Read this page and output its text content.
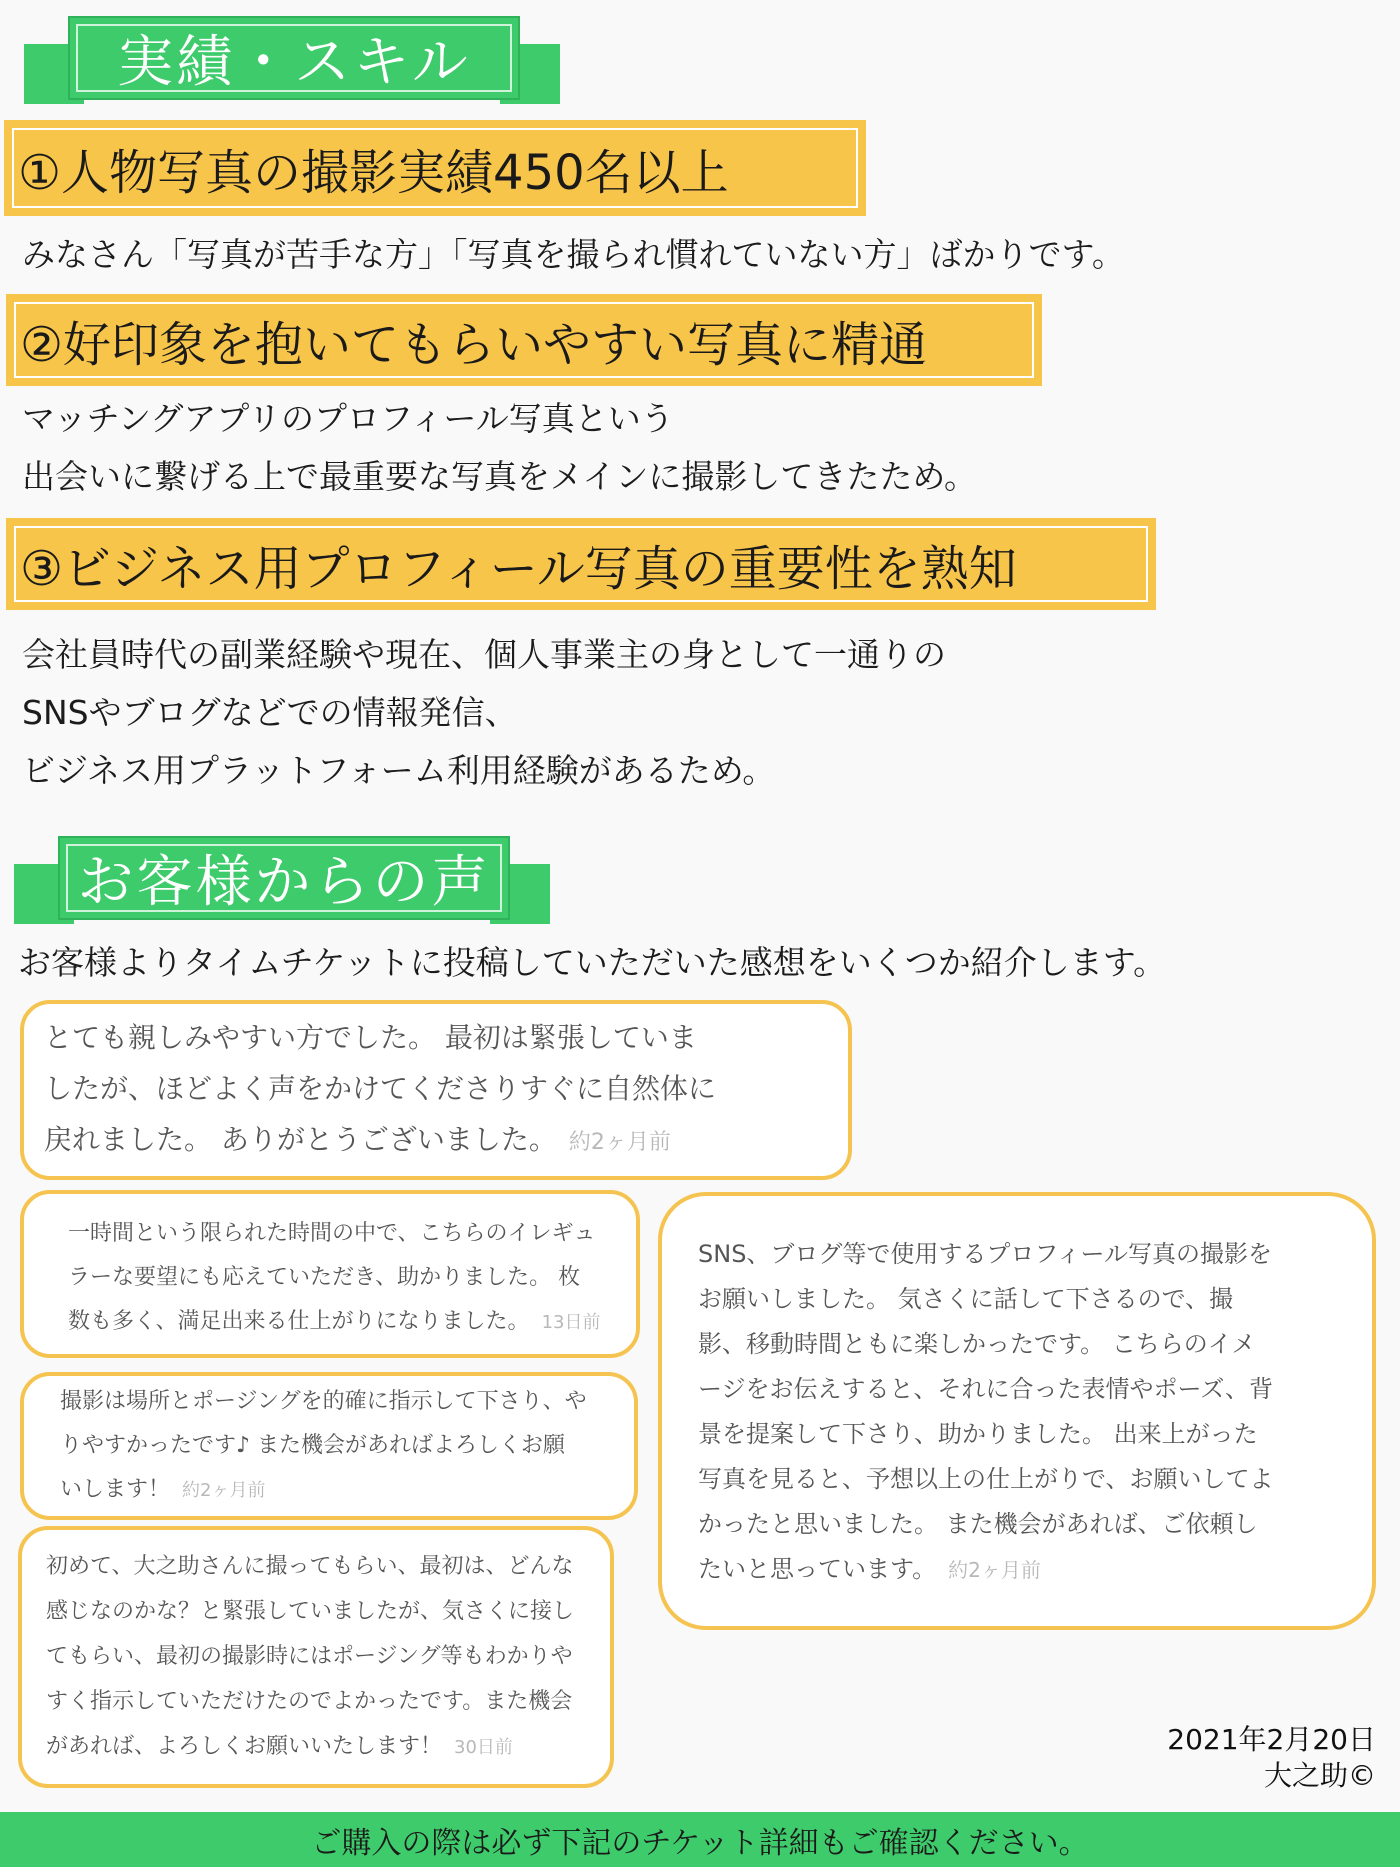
実績・スキル
①人物写真の撮影実績450名以上
みなさん「写真が苦手な方」「写真を撮られ慣れていない方」ばかりです。
②好印象を抱いてもらいやすい写真に精通
マッチングアプリのプロフィール写真という
出会いに繋げる上で最重要な写真をメインに撮影してきたため。
③ビジネス用プロフィール写真の重要性を熟知
会社員時代の副業経験や現在、個人事業主の身として一通りの
SNSやブログなどでの情報発信、
ビジネス用プラットフォーム利用経験があるため。
お客様からの声
お客様よりタイムチケットに投稿していただいた感想をいくつか紹介します。
とても親しみやすい方でした。 最初は緊張していま
したが、ほどよく声をかけてくださりすぐに自然体に
戻れました。 ありがとうございました。 約2ヶ月前
一時間という限られた時間の中で、こちらのイレギュ
ラーな要望にも応えていただき、助かりました。 枚
数も多く、満足出来る仕上がりになりました。 13日前
撮影は場所とポージングを的確に指示して下さり、や
りやすかったです♪ また機会があればよろしくお願
いします！ 約2ヶ月前
初めて、大之助さんに撮ってもらい、最初は、どんな
感じなのかな？と緊張していましたが、気さくに接し
てもらい、最初の撮影時にはポージング等もわかりや
すく指示していただけたのでよかったです。また機会
があれば、よろしくお願いいたします！ 30日前
SNS、ブログ等で使用するプロフィール写真の撮影を
お願いしました。 気さくに話して下さるので、撮
影、移動時間ともに楽しかったです。 こちらのイメ
ージをお伝えすると、それに合った表情やポーズ、背
景を提案して下さり、助かりました。 出来上がった
写真を見ると、予想以上の仕上がりで、お願いしてよ
かったと思いました。 また機会があれば、ご依頼し
たいと思っています。 約2ヶ月前
2021年2月20日
大之助©
ご購入の際は必ず下記のチケット詳細もご確認ください。
